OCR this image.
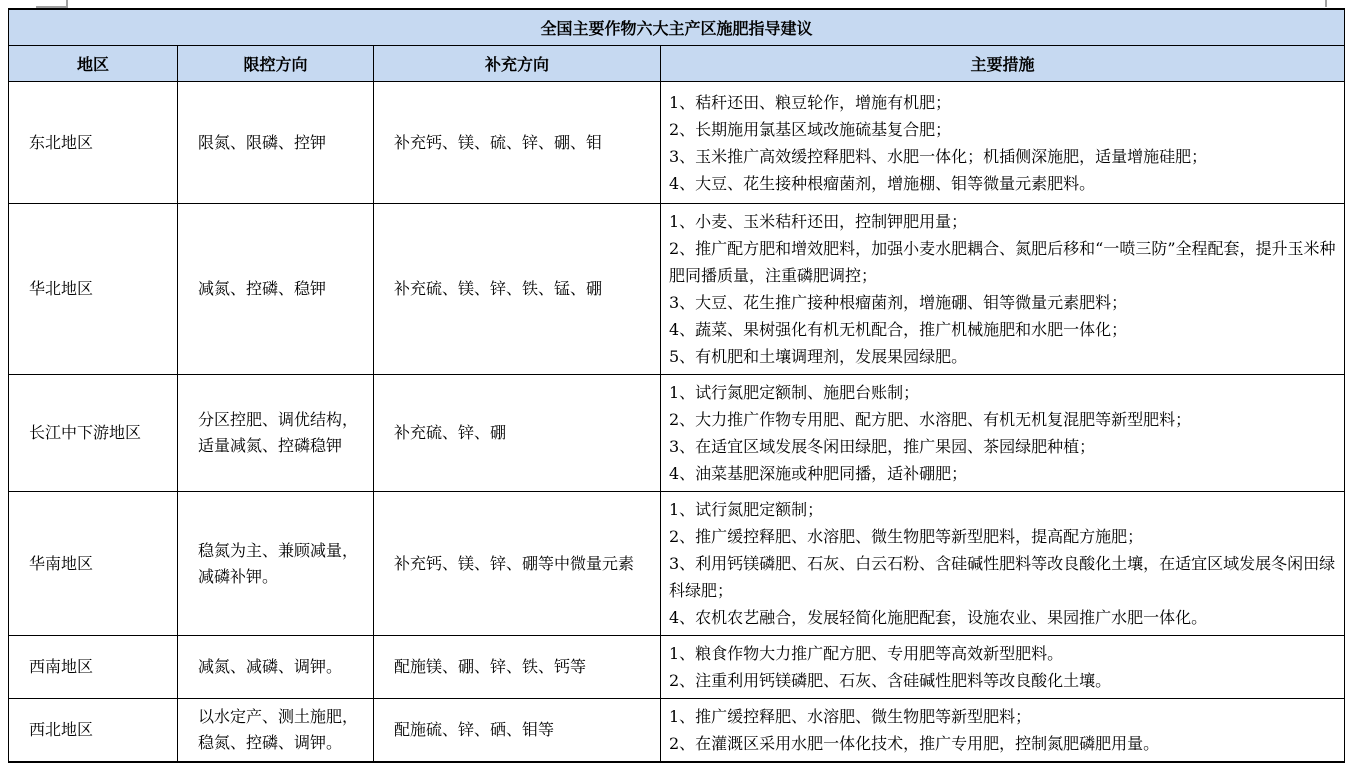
全国主要作物六大主产区施肥指导建议			
地区	限控方向	补充方向	主要措施
东北地区	限氮、限磷、控钾	补充钙、镁、硫、锌、硼、钼	1、秸秆还田、粮豆轮作，增施有机肥；
2、长期施用氯基区域改施硫基复合肥；
3、玉米推广高效缓控释肥料、水肥一体化；机插侧深施肥，适量增施硅肥；
4、大豆、花生接种根瘤菌剂，增施棚、钼等微量元素肥料。

华北地区	减氮、控磷、稳钾	补充硫、镁、锌、铁、锰、硼	1、小麦、玉米秸秆还田，控制钾肥用量；
2、推广配方肥和增效肥料，加强小麦水肥耦合、氮肥后移和“一喷三防”全程配套，提升玉米种肥同播质量，注重磷肥调控；
3、大豆、花生推广接种根瘤菌剂，增施硼、钼等微量元素肥料；
4、蔬菜、果树强化有机无机配合，推广机械施肥和水肥一体化；
5、有机肥和土壤调理剂，发展果园绿肥。

长江中下游地区	分区控肥、调优结构，适量减氮、控磷稳钾	补充硫、锌、硼	1、试行氮肥定额制、施肥台账制；
2、大力推广作物专用肥、配方肥、水溶肥、有机无机复混肥等新型肥料；
3、在适宜区域发展冬闲田绿肥，推广果园、茶园绿肥种植；
4、油菜基肥深施或种肥同播，适补硼肥；

华南地区	稳氮为主、兼顾减量，减磷补钾。	补充钙、镁、锌、硼等中微量元素	1、试行氮肥定额制；
2、推广缓控释肥、水溶肥、微生物肥等新型肥料，提高配方施肥；
3、利用钙镁磷肥、石灰、白云石粉、含硅碱性肥料等改良酸化土壤，在适宜区域发展冬闲田绿科绿肥；
4、农机农艺融合，发展轻简化施肥配套，设施农业、果园推广水肥一体化。

西南地区	减氮、减磷、调钾。	配施镁、硼、锌、铁、钙等	1、粮食作物大力推广配方肥、专用肥等高效新型肥料。
2、注重利用钙镁磷肥、石灰、含硅碱性肥料等改良酸化土壤。

西北地区	以水定产、测土施肥，稳氮、控磷、调钾。	配施硫、锌、硒、钼等	1、推广缓控释肥、水溶肥、微生物肥等新型肥料；
2、在灌溉区采用水肥一体化技术，推广专用肥，控制氮肥磷肥用量。
